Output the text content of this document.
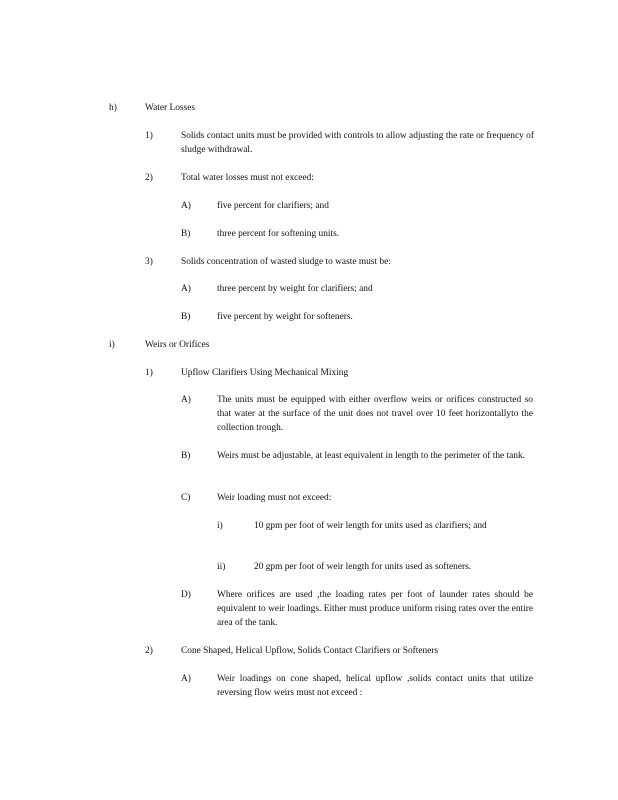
h)	Water Losses
1)	Solids contact units must be provided with controls to allow adjusting the rate or frequency of sludge withdrawal.
2)	Total water losses must not exceed:
A)	five percent for clarifiers; and
B)	three percent for softening units.
3)	Solids concentration of wasted sludge to waste must be:
A)	three percent by weight for clarifiers; and
B)	five percent by weight for softeners.
i)	Weirs or Orifices
1)	Upflow Clarifiers Using Mechanical Mixing
A)	The units must be equipped with either overflow weirs or orifices constructed so that water at the surface of the unit does not travel over 10 feet horizontallyto the collection trough.
B)	Weirs must be adjustable, at least equivalent in length to the perimeter of the tank.
C)	Weir loading must not exceed:
i)	10 gpm per foot of weir length for units used as clarifiers; and
ii)	20 gpm per foot of weir length for units used as softeners.
D)	Where orifices are used ,the loading rates per foot of launder rates should be equivalent to weir loadings. Either must produce uniform rising rates over the entire area of the tank.
2)	Cone Shaped, Helical Upflow, Solids Contact Clarifiers or Softeners
A)	Weir loadings on cone shaped, helical upflow ,solids contact units that utilize reversing flow weirs must not exceed :
